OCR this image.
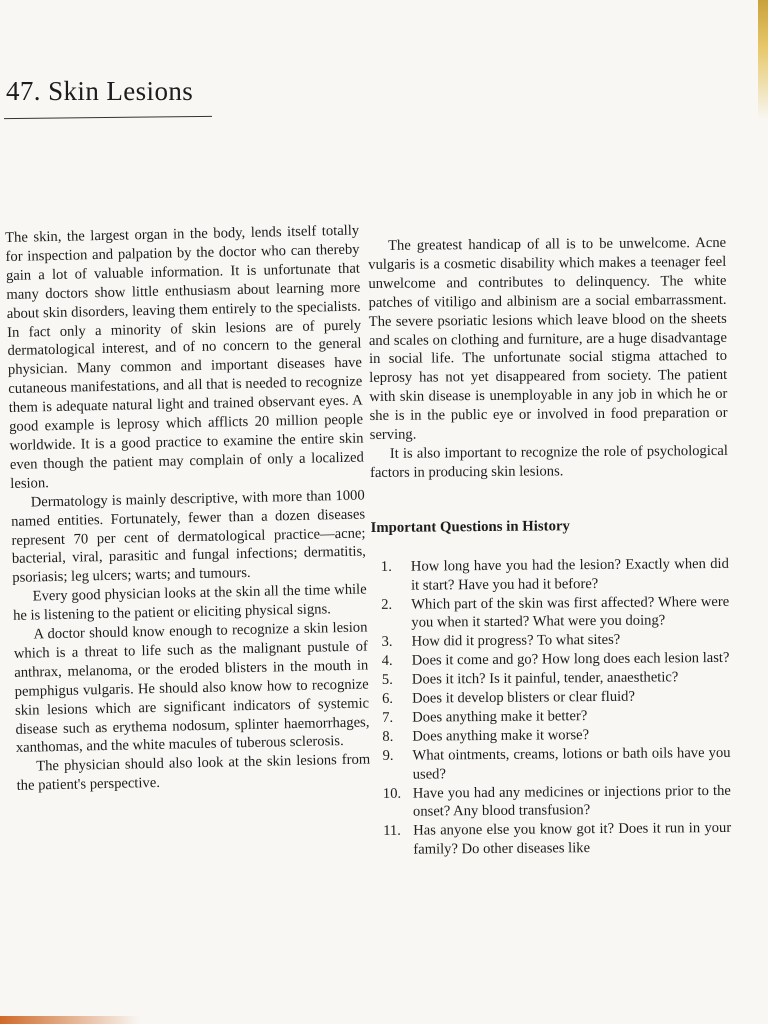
47. Skin Lesions

The skin, the largest organ in the body, lends itself totally for inspection and palpation by the doctor who can thereby gain a lot of valuable information. It is unfortunate that many doctors show little enthusiasm about learning more about skin disorders, leaving them entirely to the specialists. In fact only a minority of skin lesions are of purely dermatological interest, and of no concern to the general physician. Many common and important diseases have cutaneous manifestations, and all that is needed to recognize them is adequate natural light and trained observant eyes. A good example is leprosy which afflicts 20 million people worldwide. It is a good practice to examine the entire skin even though the patient may complain of only a localized lesion.

Dermatology is mainly descriptive, with more than 1000 named entities. Fortunately, fewer than a dozen diseases represent 70 per cent of dermatological practice—acne; bacterial, viral, parasitic and fungal infections; dermatitis, psoriasis; leg ulcers; warts; and tumours.

Every good physician looks at the skin all the time while he is listening to the patient or eliciting physical signs.

A doctor should know enough to recognize a skin lesion which is a threat to life such as the malignant pustule of anthrax, melanoma, or the eroded blisters in the mouth in pemphigus vulgaris. He should also know how to recognize skin lesions which are significant indicators of systemic disease such as erythema nodosum, splinter haemorrhages, xanthomas, and the white macules of tuberous sclerosis.

The physician should also look at the skin lesions from the patient's perspective.

The greatest handicap of all is to be unwelcome. Acne vulgaris is a cosmetic disability which makes a teenager feel unwelcome and contributes to delinquency. The white patches of vitiligo and albinism are a social embarrassment. The severe psoriatic lesions which leave blood on the sheets and scales on clothing and furniture, are a huge disadvantage in social life. The unfortunate social stigma attached to leprosy has not yet disappeared from society. The patient with skin disease is unemployable in any job in which he or she is in the public eye or involved in food preparation or serving.

It is also important to recognize the role of psychological factors in producing skin lesions.

Important Questions in History
1.	How long have you had the lesion? Exactly when did it start? Have you had it before?
2.	Which part of the skin was first affected? Where were you when it started? What were you doing?
3.	How did it progress? To what sites?
4.	Does it come and go? How long does each lesion last?
5.	Does it itch? Is it painful, tender, anaesthetic?
6.	Does it develop blisters or clear fluid?
7.	Does anything make it better?
8.	Does anything make it worse?
9.	What ointments, creams, lotions or bath oils have you used?
10. Have you had any medicines or injections prior to the onset? Any blood transfusion?
11. Has anyone else you know got it? Does it run in your family? Do other diseases like
